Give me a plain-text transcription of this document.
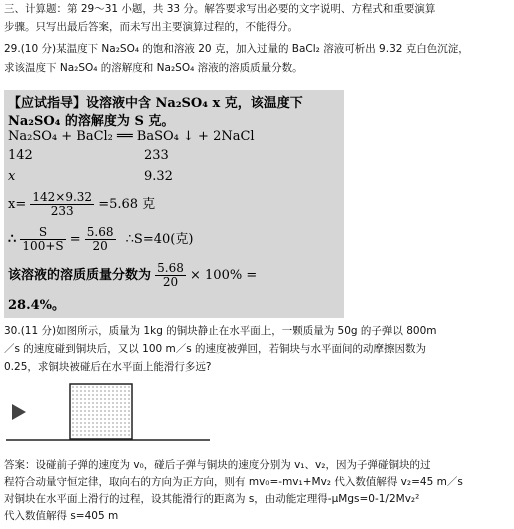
三、计算题：第 29～31 小题，共 33 分。解答要求写出必要的文字说明、方程式和重要演算
步骤。只写出最后答案，而未写出主要演算过程的，不能得分。
29.(10 分)某温度下 Na₂SO₄ 的饱和溶液 20 克，加入过量的 BaCl₂ 溶液可析出 9.32 克白色沉淀，
求该温度下 Na₂SO₄ 的溶解度和 Na₂SO₄ 溶液的溶质质量分数。
【应试指导】设溶液中含 Na₂SO₄ x 克，该温度下
Na₂SO₄ 的溶解度为 S 克。
Na₂SO₄ + BaCl₂ ══ BaSO₄ ↓ + 2NaCl
142	233
x	9.32
$x= \frac{142\times 9.32}{233} =5.68$ 克
∴ $\frac{S}{100+S} = \frac{5.68}{20}$ ∴S=40(克)
该溶液的溶质质量分数为 $\frac{5.68}{20} \times 100\%$ =
28.4%。
30.(11 分)如图所示，质量为 1kg 的铜块静止在水平面上，一颗质量为 50g 的子弹以 800m
／s 的速度碰到铜块后，又以 100 m／s 的速度被弹回，若铜块与水平面间的动摩擦因数为
0.25，求铜块被碰后在水平面上能滑行多远?
答案：设碰前子弹的速度为 v₀，碰后子弹与铜块的速度分别为 v₁、v₂，因为子弹碰铜块的过
程符合动量守恒定律，取向右的方向为正方向，则有 mv₀=-mv₁+Mv₂ 代入数值解得 v₂=45 m／s
对铜块在水平面上滑行的过程，设其能滑行的距离为 s，由动能定理得-μMgs=0-1/2Mv₂²
代入数值解得 s=405 m
